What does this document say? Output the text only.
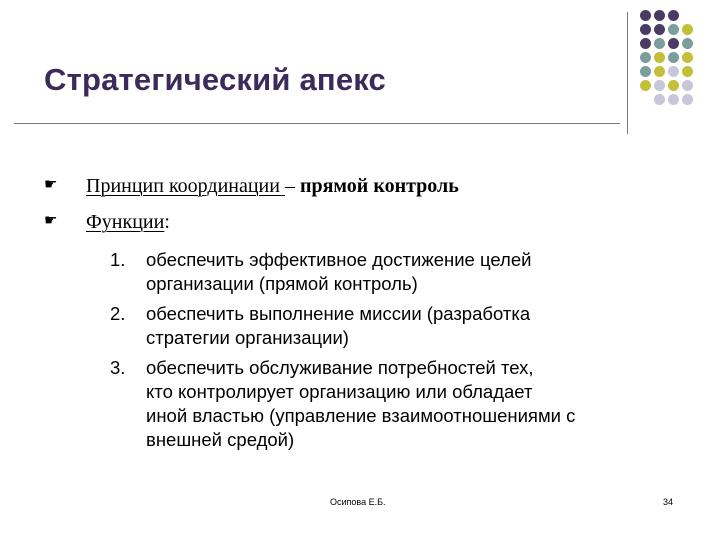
Стратегический апекс
☛	Принцип координации – прямой контроль
☛	Функции:
1. обеспечить эффективное достижение целей
организации (прямой контроль)
2. обеспечить выполнение миссии (разработка
стратегии организации)
3. обеспечить обслуживание потребностей тех,
кто контролирует организацию или обладает
иной властью (управление взаимоотношениями с
внешней средой)
Осипова Е.Б.	34
